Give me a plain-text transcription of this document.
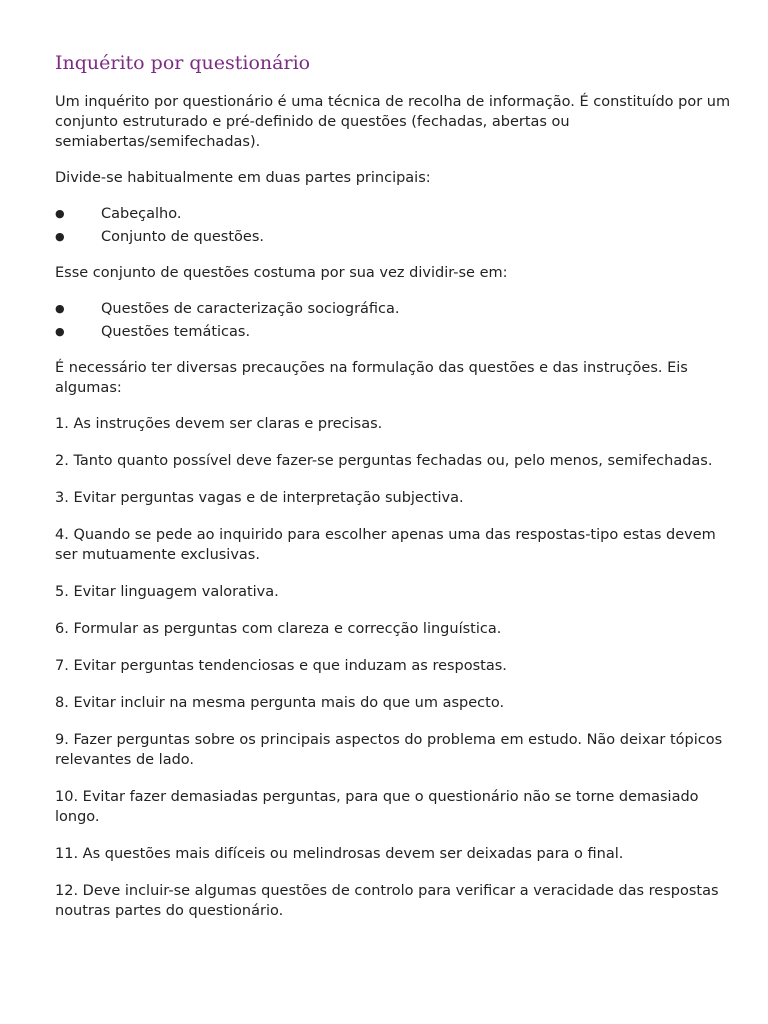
Inquérito por questionário

Um inquérito por questionário é uma técnica de recolha de informação. É constituído por um conjunto estruturado e pré-definido de questões (fechadas, abertas ou semiabertas/semifechadas).

Divide-se habitualmente em duas partes principais:

●	Cabeçalho.
●	Conjunto de questões.

Esse conjunto de questões costuma por sua vez dividir-se em:

●	Questões de caracterização sociográfica.
●	Questões temáticas.

É necessário ter diversas precauções na formulação das questões e das instruções. Eis algumas:

1. As instruções devem ser claras e precisas.

2. Tanto quanto possível deve fazer-se perguntas fechadas ou, pelo menos, semifechadas.

3. Evitar perguntas vagas e de interpretação subjectiva.

4. Quando se pede ao inquirido para escolher apenas uma das respostas-tipo estas devem ser mutuamente exclusivas.

5. Evitar linguagem valorativa.

6. Formular as perguntas com clareza e correcção linguística.

7. Evitar perguntas tendenciosas e que induzam as respostas.

8. Evitar incluir na mesma pergunta mais do que um aspecto.

9. Fazer perguntas sobre os principais aspectos do problema em estudo. Não deixar tópicos relevantes de lado.

10. Evitar fazer demasiadas perguntas, para que o questionário não se torne demasiado longo.

11. As questões mais difíceis ou melindrosas devem ser deixadas para o final.

12. Deve incluir-se algumas questões de controlo para verificar a veracidade das respostas noutras partes do questionário.
